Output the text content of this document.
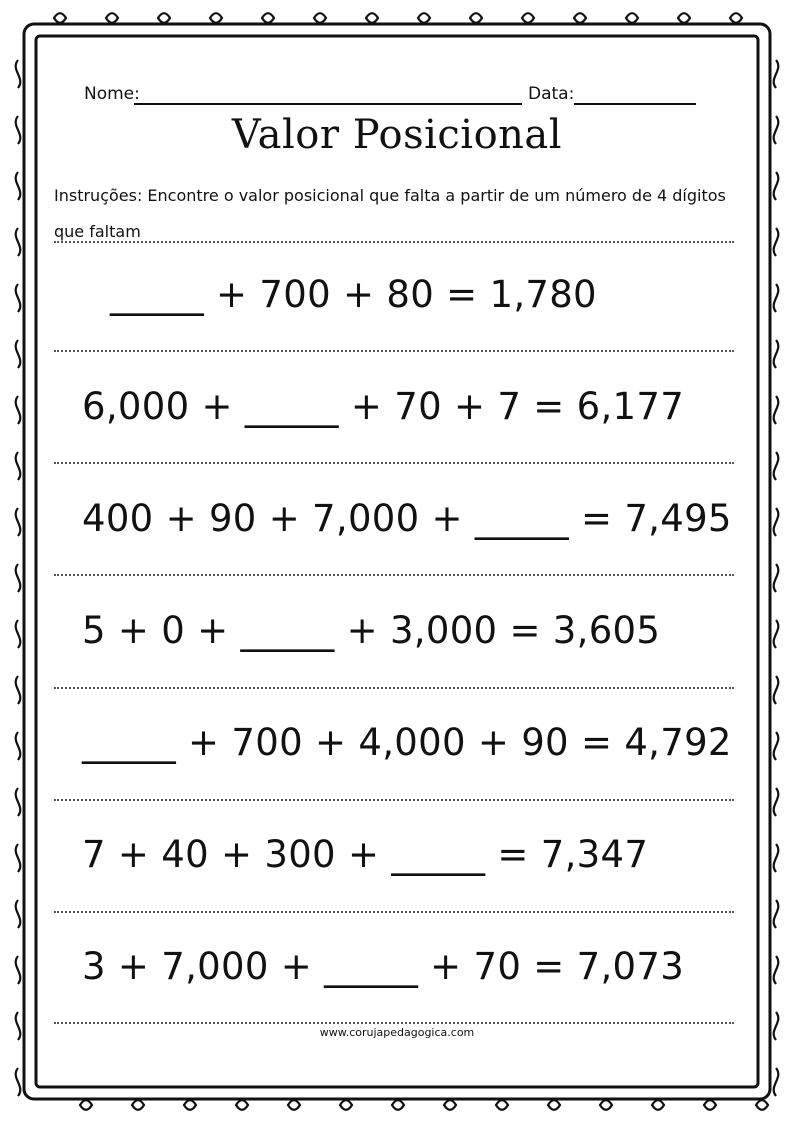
Nome:	Data:
Valor Posicional
Instruções: Encontre o valor posicional que falta a partir de um número de 4 dígitos que faltam
_____ + 700 + 80 = 1,780
6,000 + _____ + 70 + 7 = 6,177
400 + 90 + 7,000 + _____ = 7,495
5 + 0 + _____ + 3,000 = 3,605
_____ + 700 + 4,000 + 90 = 4,792
7 + 40 + 300 + _____ = 7,347
3 + 7,000 + _____ + 70 = 7,073
www.corujapedagogica.com
